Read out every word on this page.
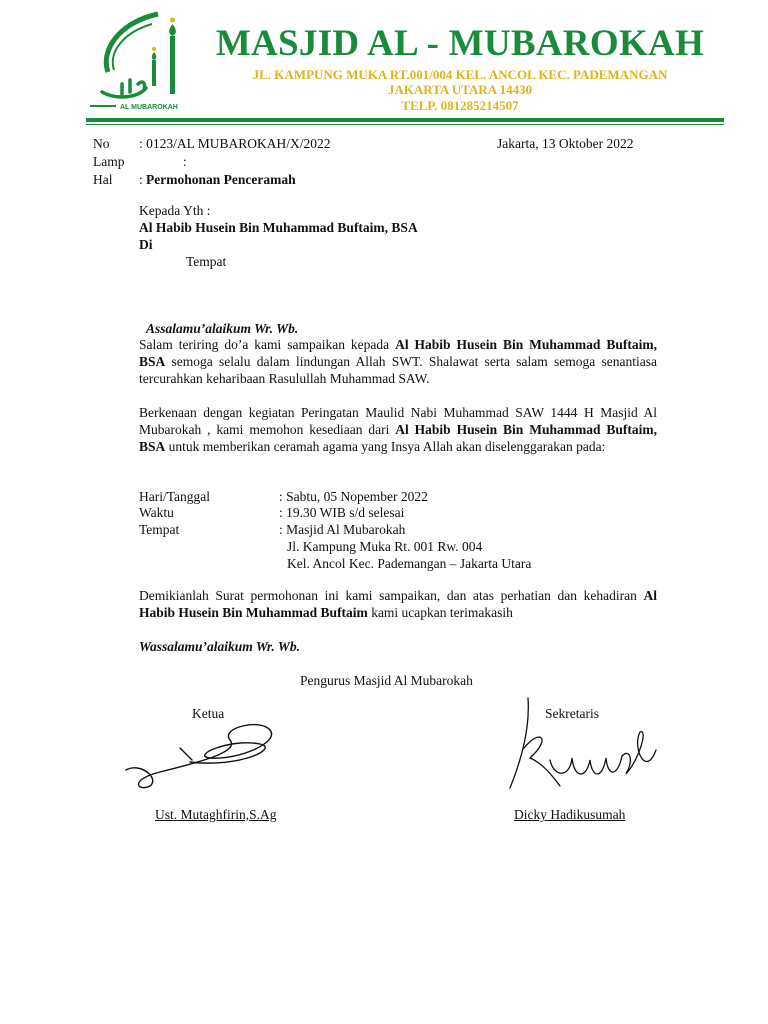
AL MUBAROKAH
MASJID AL - MUBAROKAH
JL. KAMPUNG MUKA RT.001/004 KEL. ANCOL KEC. PADEMANGAN
JAKARTA UTARA 14430
TELP. 081285214507
No : 0123/AL MUBAROKAH/X/2022	Jakarta, 13 Oktober 2022
Lamp	:
Hal : Permohonan Penceramah
Kepada Yth :
Al Habib Husein Bin Muhammad Buftaim, BSA
Di
Tempat
Assalamu’alaikum Wr. Wb.
Salam teriring do’a kami sampaikan kepada Al Habib Husein Bin Muhammad Buftaim, BSA semoga selalu dalam lindungan Allah SWT. Shalawat serta salam semoga senantiasa tercurahkan keharibaan Rasulullah Muhammad SAW.
Berkenaan dengan kegiatan Peringatan Maulid Nabi Muhammad SAW 1444 H Masjid Al Mubarokah , kami memohon kesediaan dari Al Habib Husein Bin Muhammad Buftaim, BSA untuk memberikan ceramah agama yang Insya Allah akan diselenggarakan pada:
Hari/Tanggal	: Sabtu, 05 Nopember 2022
Waktu	: 19.30 WIB s/d selesai
Tempat	: Masjid Al Mubarokah
Jl. Kampung Muka Rt. 001 Rw. 004
Kel. Ancol Kec. Pademangan – Jakarta Utara
Demikianlah Surat permohonan ini kami sampaikan, dan atas perhatian dan kehadiran Al Habib Husein Bin Muhammad Buftaim kami ucapkan terimakasih
Wassalamu’alaikum Wr. Wb.
Pengurus Masjid Al Mubarokah
Ketua	Sekretaris
Ust. Mutaghfirin,S.Ag	Dicky Hadikusumah
